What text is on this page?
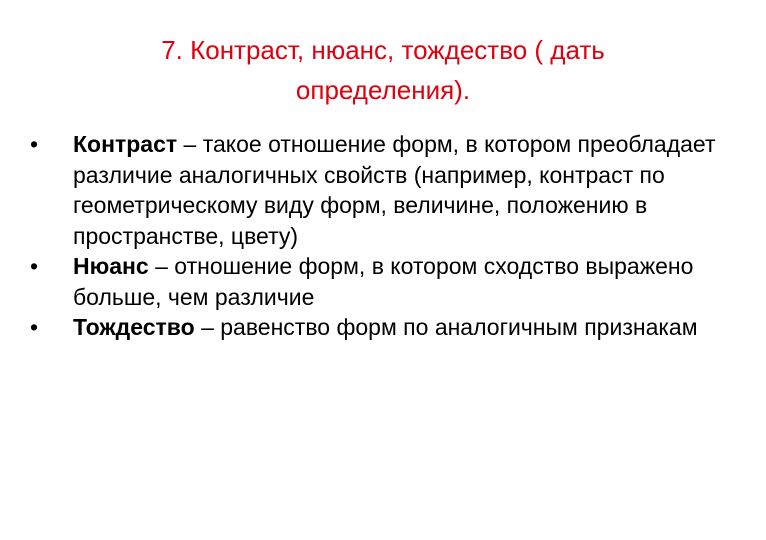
7. Контраст, нюанс, тождество ( дать
определения).
•	Контраст – такое отношение форм, в котором преобладает различие аналогичных свойств (например, контраст по геометрическому виду форм, величине, положению в пространстве, цвету)
•	Нюанс – отношение форм, в котором сходство выражено больше, чем различие
•	Тождество – равенство форм по аналогичным признакам
